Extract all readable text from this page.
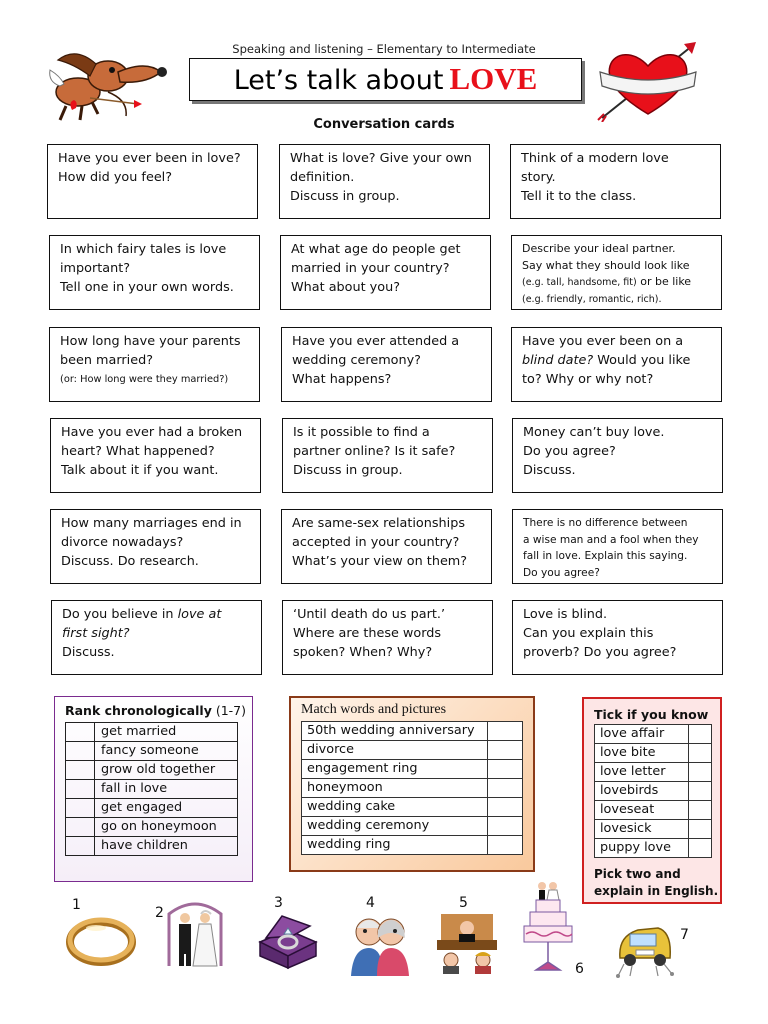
Speaking and listening – Elementary to Intermediate
Let’s talk about LOVE
Conversation cards
Have you ever been in love?
How did you feel?
What is love? Give your own
definition.
Discuss in group.
Think of a modern love
story.
Tell it to the class.
In which fairy tales is love
important?
Tell one in your own words.
At what age do people get
married in your country?
What about you?
Describe your ideal partner.
Say what they should look like
(e.g. tall, handsome, fit) or be like
(e.g. friendly, romantic, rich).
How long have your parents
been married?
(or: How long were they married?)
Have you ever attended a
wedding ceremony?
What happens?
Have you ever been on a
blind date? Would you like
to? Why or why not?
Have you ever had a broken
heart? What happened?
Talk about it if you want.
Is it possible to find a
partner online? Is it safe?
Discuss in group.
Money can’t buy love.
Do you agree?
Discuss.
How many marriages end in
divorce nowadays?
Discuss. Do research.
Are same-sex relationships
accepted in your country?
What’s your view on them?
There is no difference between
a wise man and a fool when they
fall in love. Explain this saying.
Do you agree?
Do you believe in love at
first sight?
Discuss.
‘Until death do us part.’
Where are these words
spoken? When? Why?
Love is blind.
Can you explain this
proverb? Do you agree?
Rank chronologically (1-7)
	get married
	fancy someone
	grow old together
	fall in love
	get engaged
	go on honeymoon
	have children
Match words and pictures
50th wedding anniversary	
divorce	
engagement ring	
honeymoon	
wedding cake	
wedding ceremony	
wedding ring	
Tick if you know
love affair	
love bite	
love letter	
lovebirds	
loveseat	
lovesick	
puppy love	
Pick two and
explain in English.
1	2
3	4	5
6
7
